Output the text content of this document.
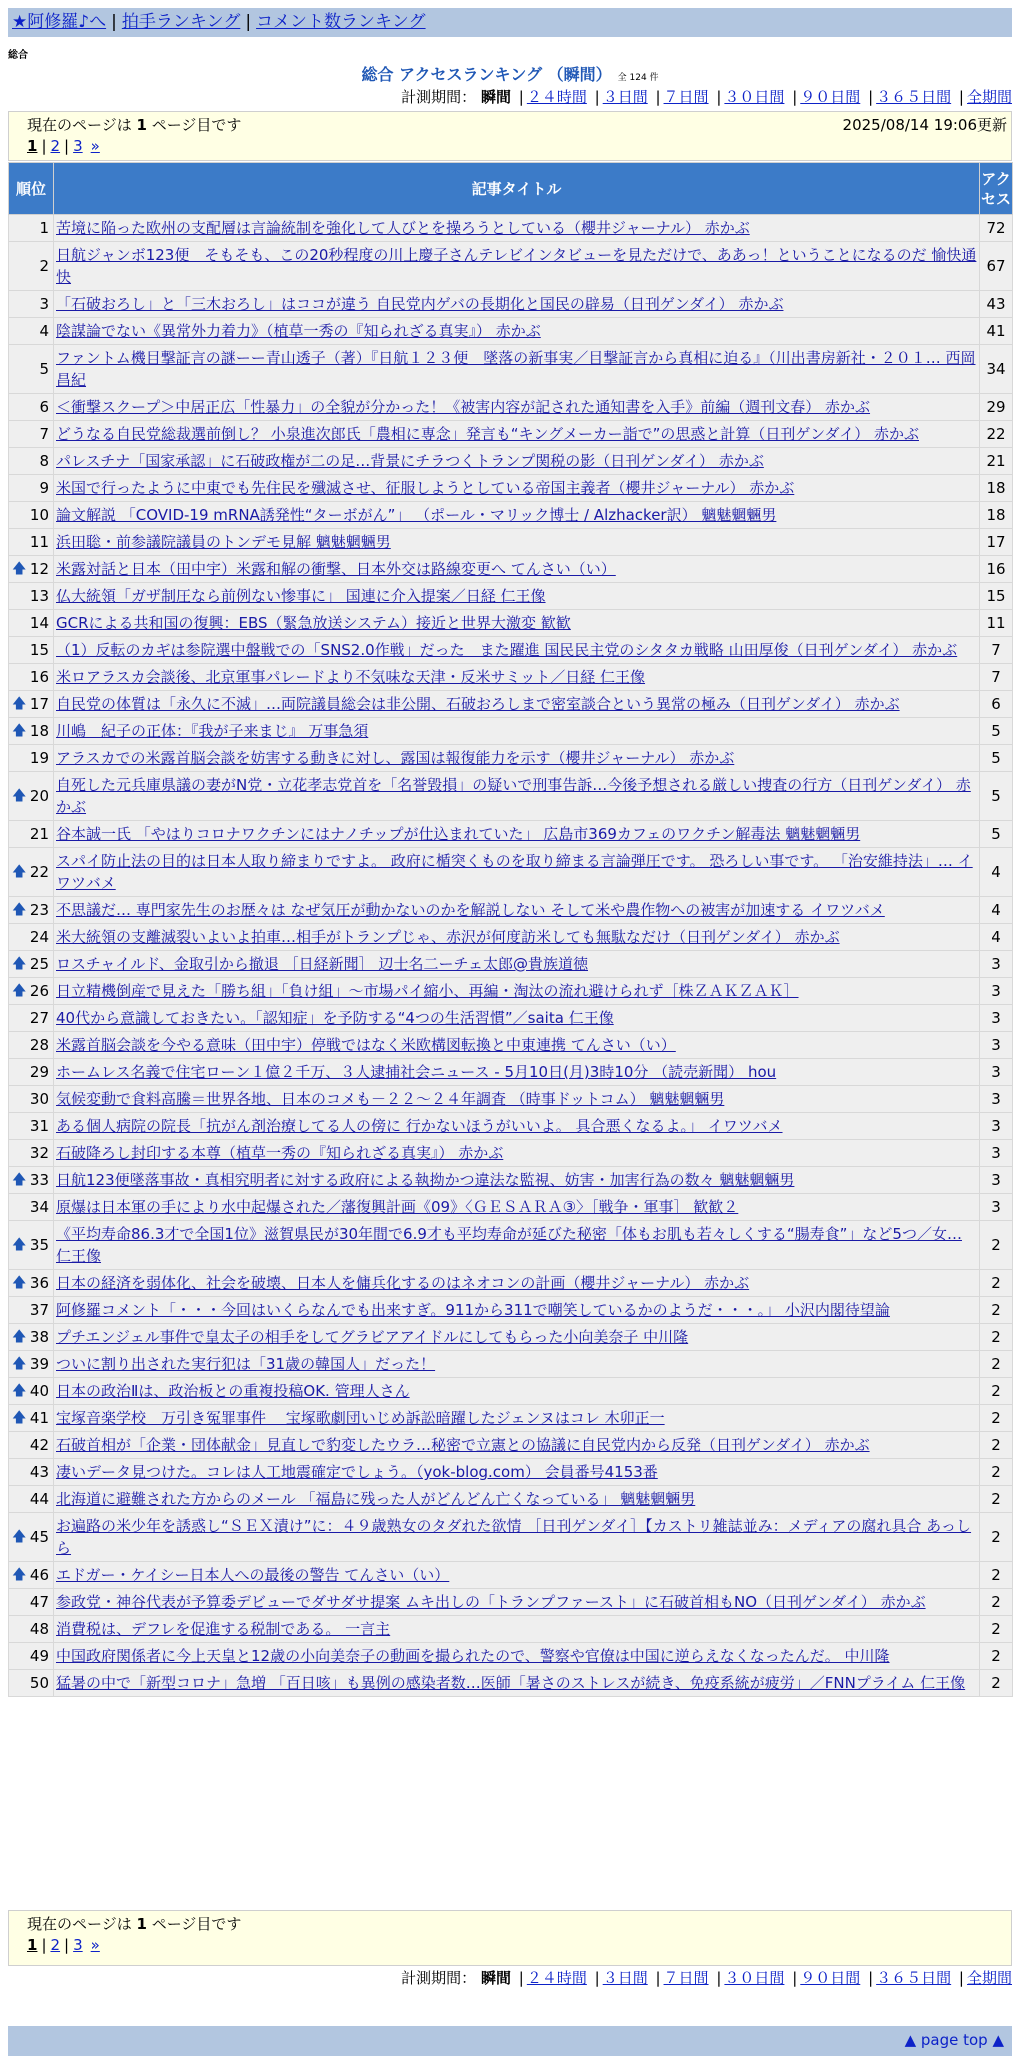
★阿修羅♪へ | 拍手ランキング | コメント数ランキング
総合
総合 アクセスランキング （瞬間） 全 124 件
計測期間： 瞬間 | ２４時間 | ３日間 | ７日間 | ３０日間 | ９０日間 | ３６５日間 | 全期間
現在のページは 1 ページ目です	2025/08/14 19:06更新
1 | 2 | 3 »
順位	記事タイトル	アクセス
1	苦境に陥った欧州の支配層は言論統制を強化して人びとを操ろうとしている（櫻井ジャーナル） 赤かぶ	72
2	日航ジャンボ123便　そもそも、この20秒程度の川上慶子さんテレビインタビューを見ただけで、ああっ！ということになるのだ 愉快通快	67
3	「石破おろし」と「三木おろし」はココが違う 自民党内ゲバの長期化と国民の辟易（日刊ゲンダイ） 赤かぶ	43
4	陰謀論でない《異常外力着力》（植草一秀の『知られざる真実』） 赤かぶ	41
5	ファントム機目撃証言の謎ーー青山透子（著）『日航１２３便　墜落の新事実／目撃証言から真相に迫る』（川出書房新社・２０１… 西岡昌紀	34
6	＜衝撃スクープ＞中居正広「性暴力」の全貌が分かった！《被害内容が記された通知書を入手》前編（週刊文春） 赤かぶ	29
7	どうなる自民党総裁選前倒し？ 小泉進次郎氏「農相に専念」発言も“キングメーカー詣で”の思惑と計算（日刊ゲンダイ） 赤かぶ	22
8	パレスチナ「国家承認」に石破政権が二の足…背景にチラつくトランプ関税の影（日刊ゲンダイ） 赤かぶ	21
9	米国で行ったように中東でも先住民を殲滅させ、征服しようとしている帝国主義者（櫻井ジャーナル） 赤かぶ	18
10	論文解説 「COVID-19 mRNA誘発性“ターボがん”」 （ポール・マリック博士 / Alzhacker訳） 魑魅魍魎男	18
11	浜田聡・前参議院議員のトンデモ見解 魑魅魍魎男	17

🡅 12	米露対話と日本（田中宇）米露和解の衝撃、日本外交は路線変更へ てんさい（い）	16
13	仏大統領「ガザ制圧なら前例ない惨事に」 国連に介入提案／日経 仁王像	15
14	GCRによる共和国の復興：EBS（緊急放送システム）接近と世界大激変 歓歓	11
15	（1）反転のカギは参院選中盤戦での「SNS2.0作戦」だった　また躍進 国民民主党のシタタカ戦略 山田厚俊（日刊ゲンダイ） 赤かぶ	7
16	米ロアラスカ会談後、北京軍事パレードより不気味な天津・反米サミット／日経 仁王像	7

🡅 17	自民党の体質は「永久に不滅」…両院議員総会は非公開、石破おろしまで密室談合という異常の極み（日刊ゲンダイ） 赤かぶ	6

🡅 18	川嶋　紀子の正体：『我が子来まじ』 万事急須	5
19	アラスカでの米露首脳会談を妨害する動きに対し、露国は報復能力を示す（櫻井ジャーナル） 赤かぶ	5

🡅 20	自死した元兵庫県議の妻がN党・立花孝志党首を「名誉毀損」の疑いで刑事告訴…今後予想される厳しい捜査の行方（日刊ゲンダイ） 赤かぶ	5
21	谷本誠一氏 「やはりコロナワクチンにはナノチップが仕込まれていた」 広島市369カフェのワクチン解毒法 魑魅魍魎男	5

🡅 22	スパイ防止法の目的は日本人取り締まりですよ。 政府に楯突くものを取り締まる言論弾圧です。 恐ろしい事です。 「治安維持法」… イワツバメ	4

🡅 23	不思議だ… 専門家先生のお歴々は なぜ気圧が動かないのかを解説しない そして米や農作物への被害が加速する イワツバメ	4
24	米大統領の支離滅裂いよいよ拍車…相手がトランプじゃ、赤沢が何度訪米しても無駄なだけ（日刊ゲンダイ） 赤かぶ	4

🡅 25	ロスチャイルド、金取引から撤退 ［日経新聞］ 辺士名二ーチェ太郎@貴族道徳	3

🡅 26	日立精機倒産で見えた「勝ち組」「負け組」～市場パイ縮小、再編・淘汰の流れ避けられず［株ＺＡＫＺＡＫ］	3
27	40代から意識しておきたい。「認知症」を予防する“4つの生活習慣”／saita 仁王像	3
28	米露首脳会談を今やる意味（田中宇）停戦ではなく米欧構図転換と中東連携 てんさい（い）	3
29	ホームレス名義で住宅ローン１億２千万、３人逮捕社会ニュース - 5月10日(月)3時10分 （読売新聞） hou	3
30	気候変動で食料高騰＝世界各地、日本のコメも－２２～２４年調査 （時事ドットコム） 魑魅魍魎男	3
31	ある個人病院の院長「抗がん剤治療してる人の傍に 行かないほうがいいよ。 具合悪くなるよ。」 イワツバメ	3
32	石破降ろし封印する本尊（植草一秀の『知られざる真実』） 赤かぶ	3

🡅 33	日航123便墜落事故・真相究明者に対する政府による執拗かつ違法な監視、妨害・加害行為の数々 魑魅魍魎男	3
34	原爆は日本軍の手により水中起爆された／藩復興計画《09》〈ＧＥＳＡＲＡ③〉［戦争・軍事］ 歓歓２	3

🡅 35	《平均寿命86.3才で全国1位》滋賀県民が30年間で6.9才も平均寿命が延びた秘密「体もお肌も若々しくする“腸寿食”」など5つ／女… 仁王像	2

🡅 36	日本の経済を弱体化、社会を破壊、日本人を傭兵化するのはネオコンの計画（櫻井ジャーナル） 赤かぶ	2
37	阿修羅コメント「・・・今回はいくらなんでも出来すぎ。911から311で嘲笑しているかのようだ・・・。」 小沢内閣待望論	2

🡅 38	プチエンジェル事件で皇太子の相手をしてグラビアアイドルにしてもらった小向美奈子 中川隆	2

🡅 39	ついに割り出された実行犯は「31歳の韓国人」だった！	2

🡅 40	日本の政治Ⅱは、政治板との重複投稿OK. 管理人さん	2

🡅 41	宝塚音楽学校　万引き冤罪事件 　宝塚歌劇団いじめ訴訟暗躍したジェンヌはコレ 木卯正一	2
42	石破首相が「企業・団体献金」見直しで豹変したウラ…秘密で立憲との協議に自民党内から反発（日刊ゲンダイ） 赤かぶ	2
43	凄いデータ見つけた。コレは人工地震確定でしょう。（yok-blog.com） 会員番号4153番	2
44	北海道に避難された方からのメール 「福島に残った人がどんどん亡くなっている」 魑魅魍魎男	2

🡅 45	お遍路の米少年を誘惑し“ＳＥＸ漬け”に：４９歳熟女のタダれた欲情 ［日刊ゲンダイ］【カストリ雑誌並み：メディアの腐れ具合 あっしら	2

🡅 46	エドガー・ケイシー日本人への最後の警告 てんさい（い）	2
47	参政党・神谷代表が予算委デビューでダサダサ提案 ムキ出しの「トランプファースト」に石破首相もNO（日刊ゲンダイ） 赤かぶ	2
48	消費税は、デフレを促進する税制である。 一言主	2
49	中国政府関係者に今上天皇と12歳の小向美奈子の動画を撮られたので、警察や官僚は中国に逆らえなくなったんだ。 中川隆	2
50	猛暑の中で「新型コロナ」急増 「百日咳」も異例の感染者数…医師「暑さのストレスが続き、免疫系統が疲労」／FNNプライム 仁王像	2
現在のページは 1 ページ目です
1 | 2 | 3 »
計測期間： 瞬間 | ２４時間 | ３日間 | ７日間 | ３０日間 | ９０日間 | ３６５日間 | 全期間
▲ page top ▲
